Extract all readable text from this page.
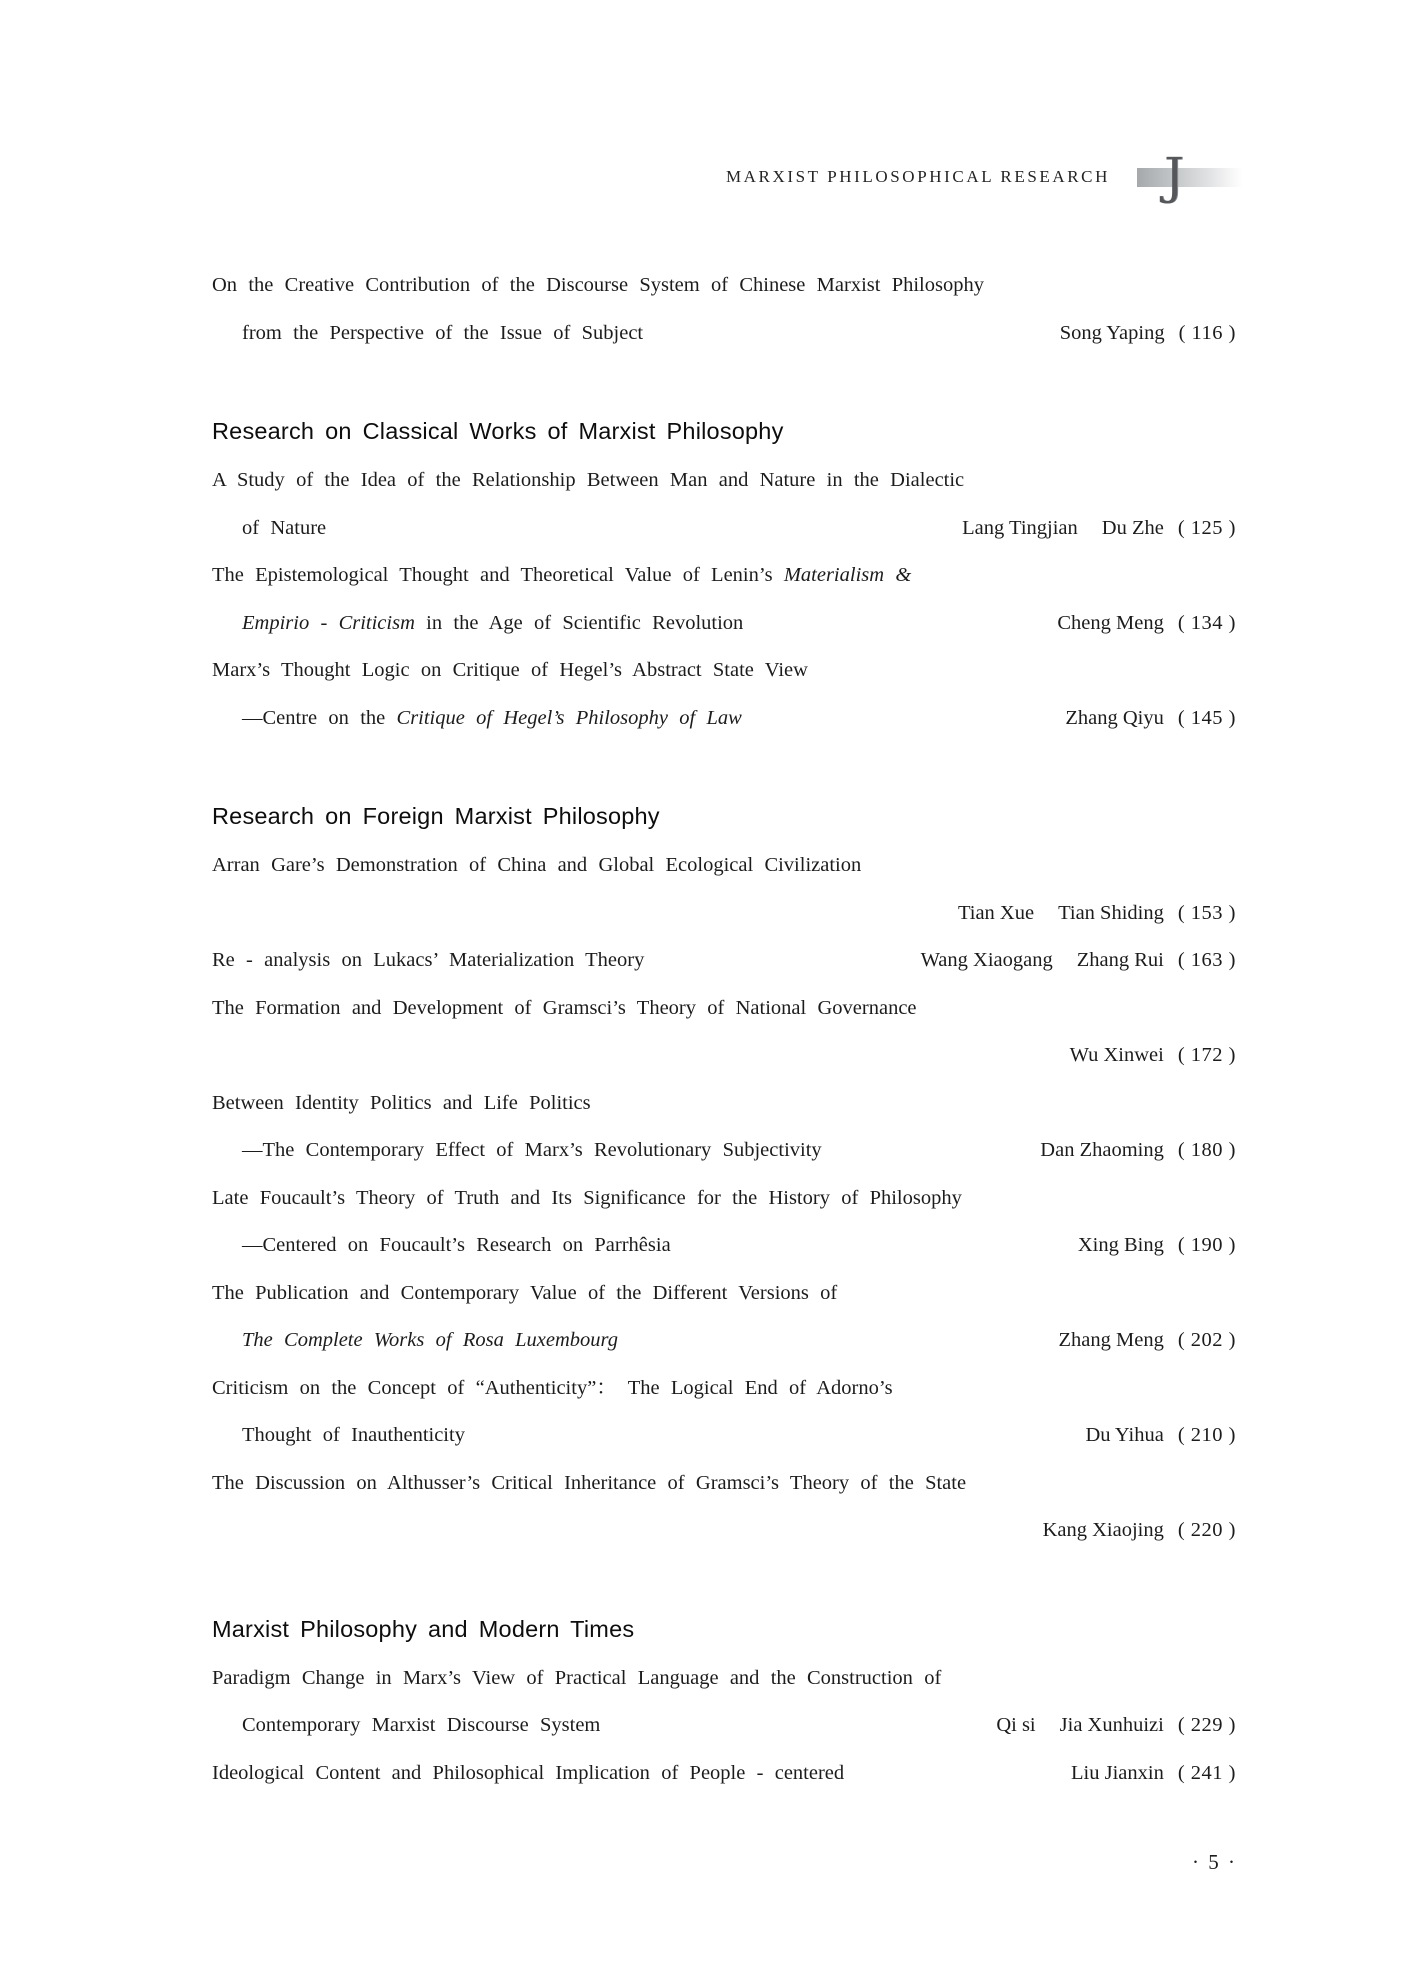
MARXIST PHILOSOPHICAL RESEARCH J
On the Creative Contribution of the Discourse System of Chinese Marxist Philosophy
from the Perspective of the Issue of Subject	Song Yaping ( 116 )
Research on Classical Works of Marxist Philosophy
A Study of the Idea of the Relationship Between Man and Nature in the Dialectic
of Nature	Lang Tingjian Du Zhe ( 125 )
The Epistemological Thought and Theoretical Value of Lenin’s Materialism &
Empirio - Criticism in the Age of Scientific Revolution	Cheng Meng ( 134 )
Marx’s Thought Logic on Critique of Hegel’s Abstract State View
—Centre on the Critique of Hegel’s Philosophy of Law	Zhang Qiyu ( 145 )
Research on Foreign Marxist Philosophy
Arran Gare’s Demonstration of China and Global Ecological Civilization
Tian Xue Tian Shiding ( 153 )
Re - analysis on Lukacs’ Materialization Theory	Wang Xiaogang Zhang Rui ( 163 )
The Formation and Development of Gramsci’s Theory of National Governance
Wu Xinwei ( 172 )
Between Identity Politics and Life Politics
—The Contemporary Effect of Marx’s Revolutionary Subjectivity	Dan Zhaoming ( 180 )
Late Foucault’s Theory of Truth and Its Significance for the History of Philosophy
—Centered on Foucault’s Research on Parrhêsia	Xing Bing ( 190 )
The Publication and Contemporary Value of the Different Versions of
The Complete Works of Rosa Luxembourg	Zhang Meng ( 202 )
Criticism on the Concept of “Authenticity”： The Logical End of Adorno’s
Thought of Inauthenticity	Du Yihua ( 210 )
The Discussion on Althusser’s Critical Inheritance of Gramsci’s Theory of the State
Kang Xiaojing ( 220 )
Marxist Philosophy and Modern Times
Paradigm Change in Marx’s View of Practical Language and the Construction of
Contemporary Marxist Discourse System	Qi si Jia Xunhuizi ( 229 )
Ideological Content and Philosophical Implication of People - centered	Liu Jianxin ( 241 )
· 5 ·
